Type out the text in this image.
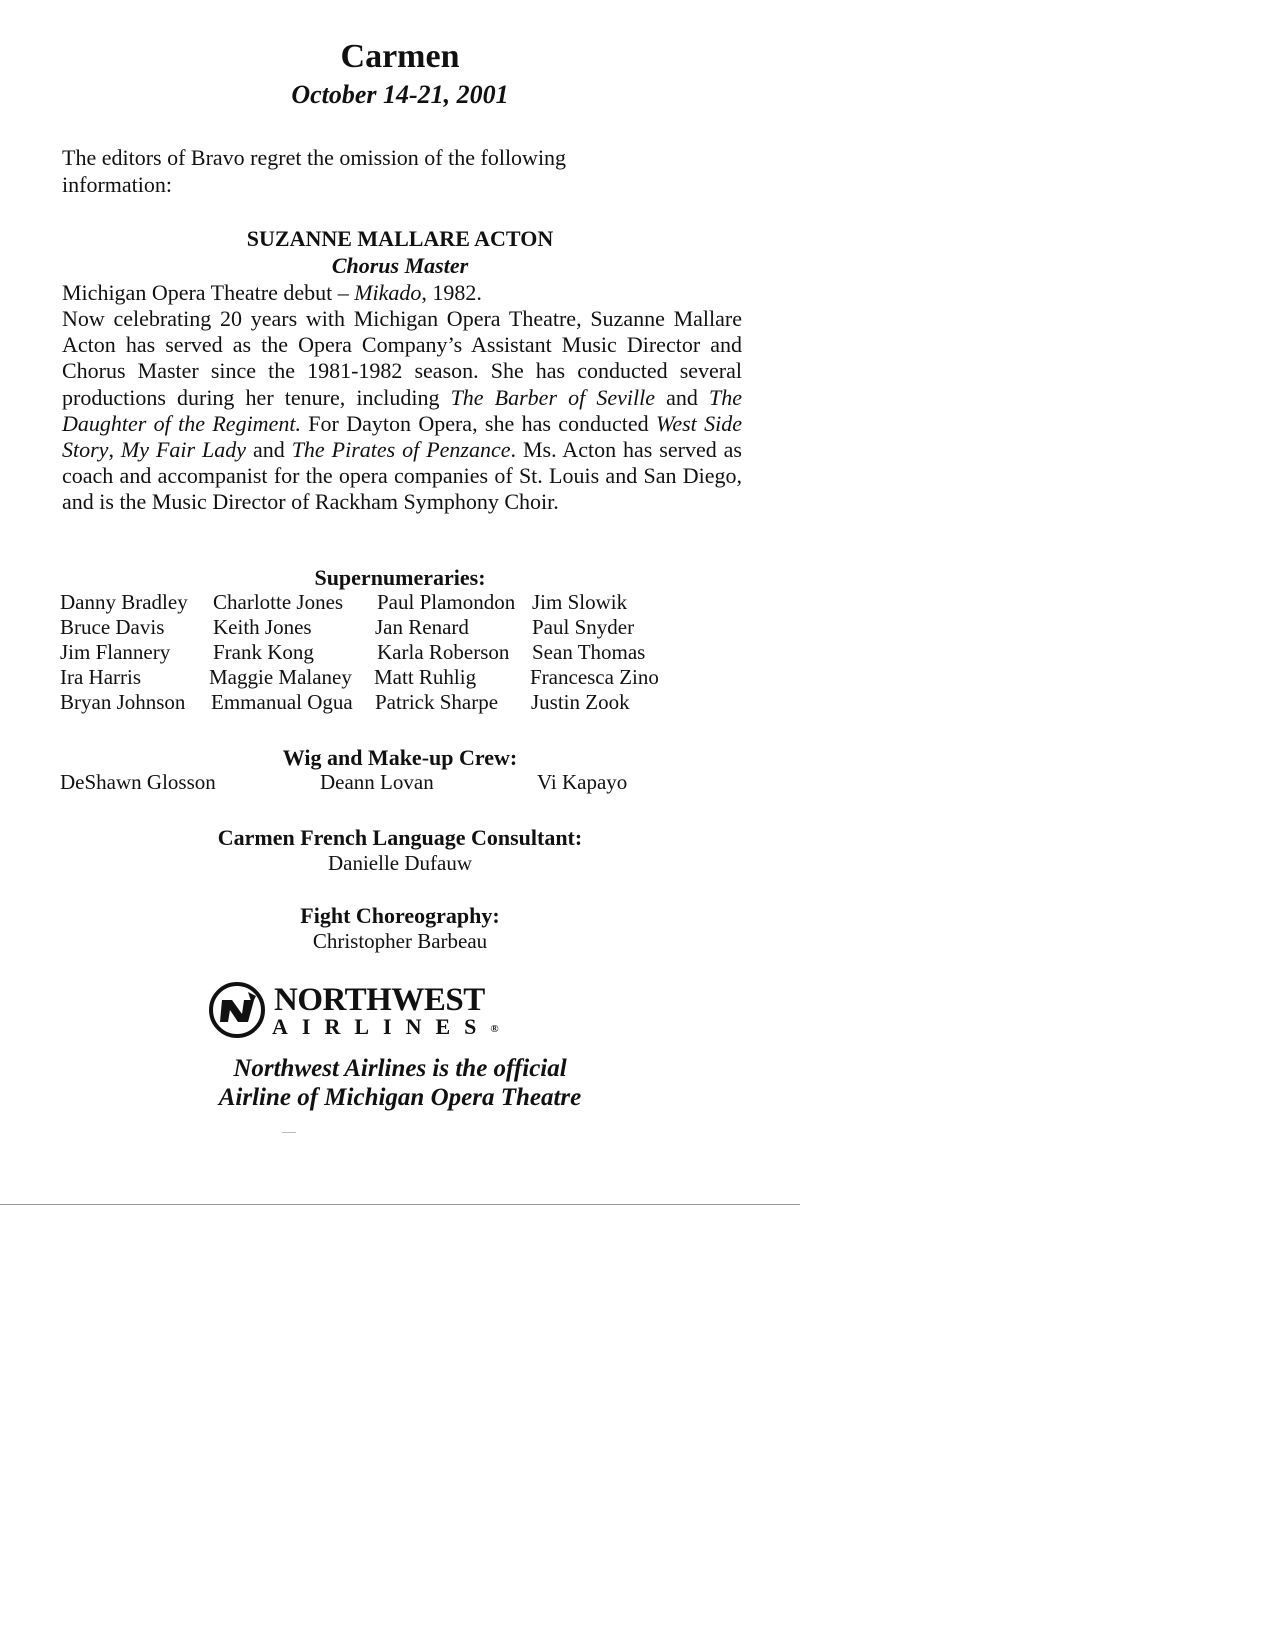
Carmen
October 14-21, 2001
The editors of Bravo regret the omission of the following information:
SUZANNE MALLARE ACTON
Chorus Master
Michigan Opera Theatre debut – Mikado, 1982.
Now celebrating 20 years with Michigan Opera Theatre, Suzanne Mallare Acton has served as the Opera Company’s Assistant Music Director and Chorus Master since the 1981-1982 season. She has conducted several productions during her tenure, including The Barber of Seville and The Daughter of the Regiment. For Dayton Opera, she has conducted West Side Story, My Fair Lady and The Pirates of Penzance. Ms. Acton has served as coach and accompanist for the opera companies of St. Louis and San Diego, and is the Music Director of Rackham Symphony Choir.
Supernumeraries:
Danny Bradley
Bruce Davis
Jim Flannery
Ira Harris
Bryan Johnson
Charlotte Jones
Keith Jones
Frank Kong
Maggie Malaney
Emmanual Ogua
Paul Plamondon
Jan Renard
Karla Roberson
Matt Ruhlig
Patrick Sharpe
Jim Slowik
Paul Snyder
Sean Thomas
Francesca Zino
Justin Zook
Wig and Make-up Crew:
DeShawn Glosson	Deann Lovan	Vi Kapayo
Carmen French Language Consultant:
Danielle Dufauw
Fight Choreography:
Christopher Barbeau
NORTHWEST
AIRLINES®
Northwest Airlines is the official
Airline of Michigan Opera Theatre
